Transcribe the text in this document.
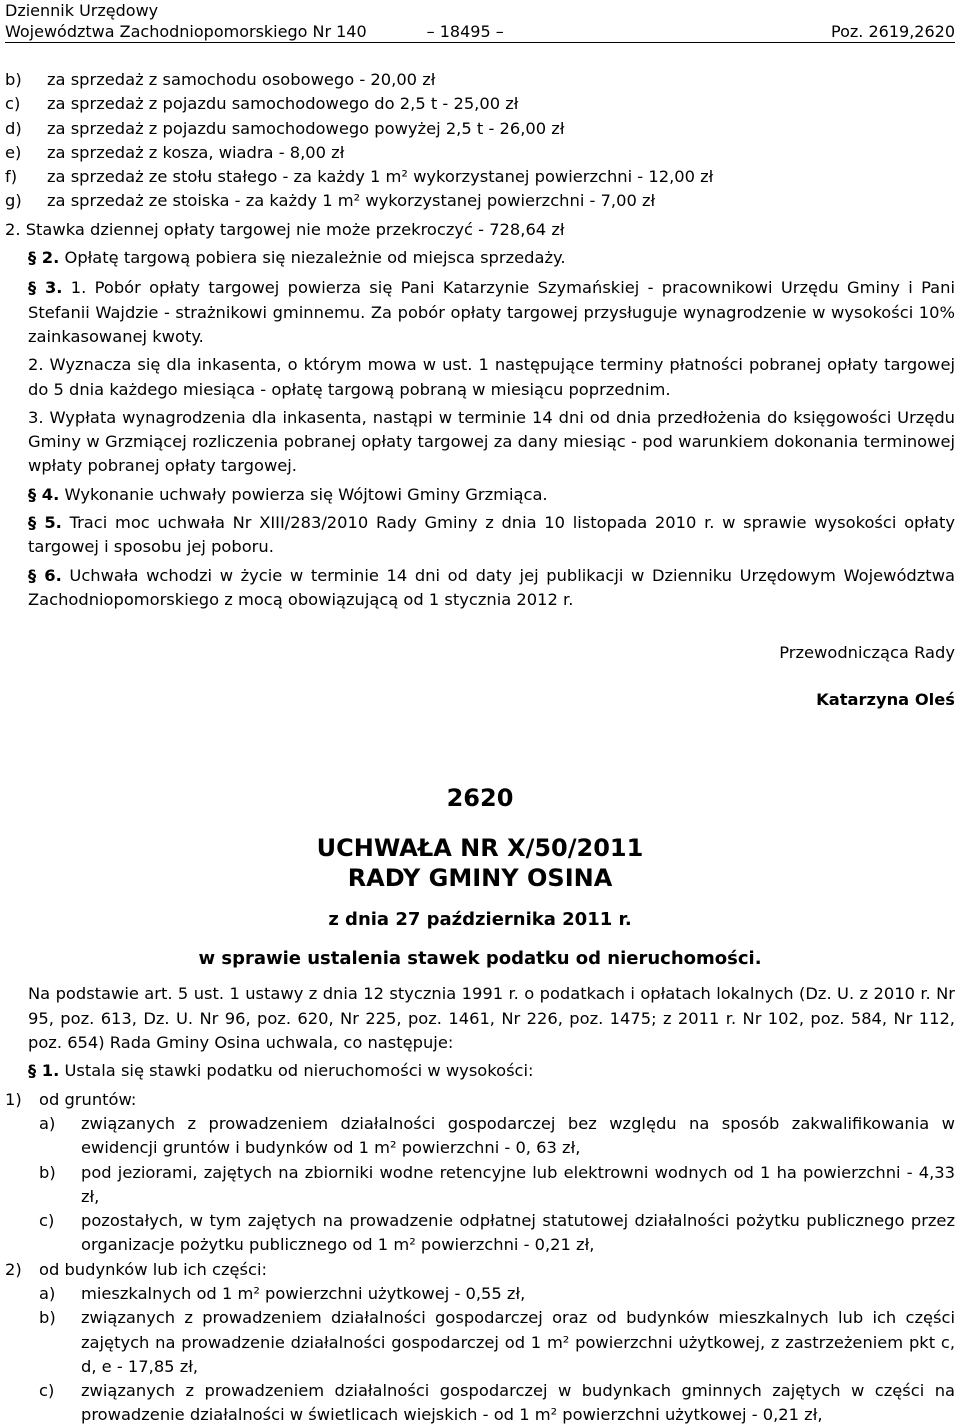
Dziennik Urzędowy
Województwa Zachodniopomorskiego Nr 140	– 18495 –	Poz. 2619,2620
b)	za sprzedaż z samochodu osobowego - 20,00 zł
c)	za sprzedaż z pojazdu samochodowego do 2,5 t - 25,00 zł
d)	za sprzedaż z pojazdu samochodowego powyżej 2,5 t - 26,00 zł
e)	za sprzedaż z kosza, wiadra - 8,00 zł
f)	za sprzedaż ze stołu stałego - za każdy 1 m² wykorzystanej powierzchni - 12,00 zł
g)	za sprzedaż ze stoiska - za każdy 1 m² wykorzystanej powierzchni - 7,00 zł

2. Stawka dziennej opłaty targowej nie może przekroczyć - 728,64 zł

§ 2. Opłatę targową pobiera się niezależnie od miejsca sprzedaży.

§ 3. 1. Pobór opłaty targowej powierza się Pani Katarzynie Szymańskiej - pracownikowi Urzędu Gminy i Pani Stefanii Wajdzie - strażnikowi gminnemu. Za pobór opłaty targowej przysługuje wynagrodzenie w wysokości 10% zainkasowanej kwoty.

2. Wyznacza się dla inkasenta, o którym mowa w ust. 1 następujące terminy płatności pobranej opłaty targowej do 5 dnia każdego miesiąca - opłatę targową pobraną w miesiącu poprzednim.

3. Wypłata wynagrodzenia dla inkasenta, nastąpi w terminie 14 dni od dnia przedłożenia do księgowości Urzędu Gminy w Grzmiącej rozliczenia pobranej opłaty targowej za dany miesiąc - pod warunkiem dokonania terminowej wpłaty pobranej opłaty targowej.

§ 4. Wykonanie uchwały powierza się Wójtowi Gminy Grzmiąca.

§ 5. Traci moc uchwała Nr XIII/283/2010 Rady Gminy z dnia 10 listopada 2010 r. w sprawie wysokości opłaty targowej i sposobu jej poboru.

§ 6. Uchwała wchodzi w życie w terminie 14 dni od daty jej publikacji w Dzienniku Urzędowym Województwa Zachodniopomorskiego z mocą obowiązującą od 1 stycznia 2012 r.

Przewodnicząca Rady

Katarzyna Oleś

2620

UCHWAŁA NR X/50/2011

RADY GMINY OSINA

z dnia 27 października 2011 r.

w sprawie ustalenia stawek podatku od nieruchomości.

Na podstawie art. 5 ust. 1 ustawy z dnia 12 stycznia 1991 r. o podatkach i opłatach lokalnych (Dz. U. z 2010 r. Nr 95, poz. 613, Dz. U. Nr 96, poz. 620, Nr 225, poz. 1461, Nr 226, poz. 1475; z 2011 r. Nr 102, poz. 584, Nr 112, poz. 654) Rada Gminy Osina uchwala, co następuje:

§ 1. Ustala się stawki podatku od nieruchomości w wysokości:

1)	od gruntów:
a)	związanych z prowadzeniem działalności gospodarczej bez względu na sposób zakwalifikowania w ewidencji gruntów i budynków od 1 m² powierzchni - 0, 63 zł,
b)	pod jeziorami, zajętych na zbiorniki wodne retencyjne lub elektrowni wodnych od 1 ha powierzchni - 4,33 zł,
c)	pozostałych, w tym zajętych na prowadzenie odpłatnej statutowej działalności pożytku publicznego przez organizacje pożytku publicznego od 1 m² powierzchni - 0,21 zł,
2)	od budynków lub ich części:
a)	mieszkalnych od 1 m² powierzchni użytkowej - 0,55 zł,
b)	związanych z prowadzeniem działalności gospodarczej oraz od budynków mieszkalnych lub ich części zajętych na prowadzenie działalności gospodarczej od 1 m² powierzchni użytkowej, z zastrzeżeniem pkt c, d, e - 17,85 zł,
c)	związanych z prowadzeniem działalności gospodarczej w budynkach gminnych zajętych w części na prowadzenie działalności w świetlicach wiejskich - od 1 m² powierzchni użytkowej - 0,21 zł,
